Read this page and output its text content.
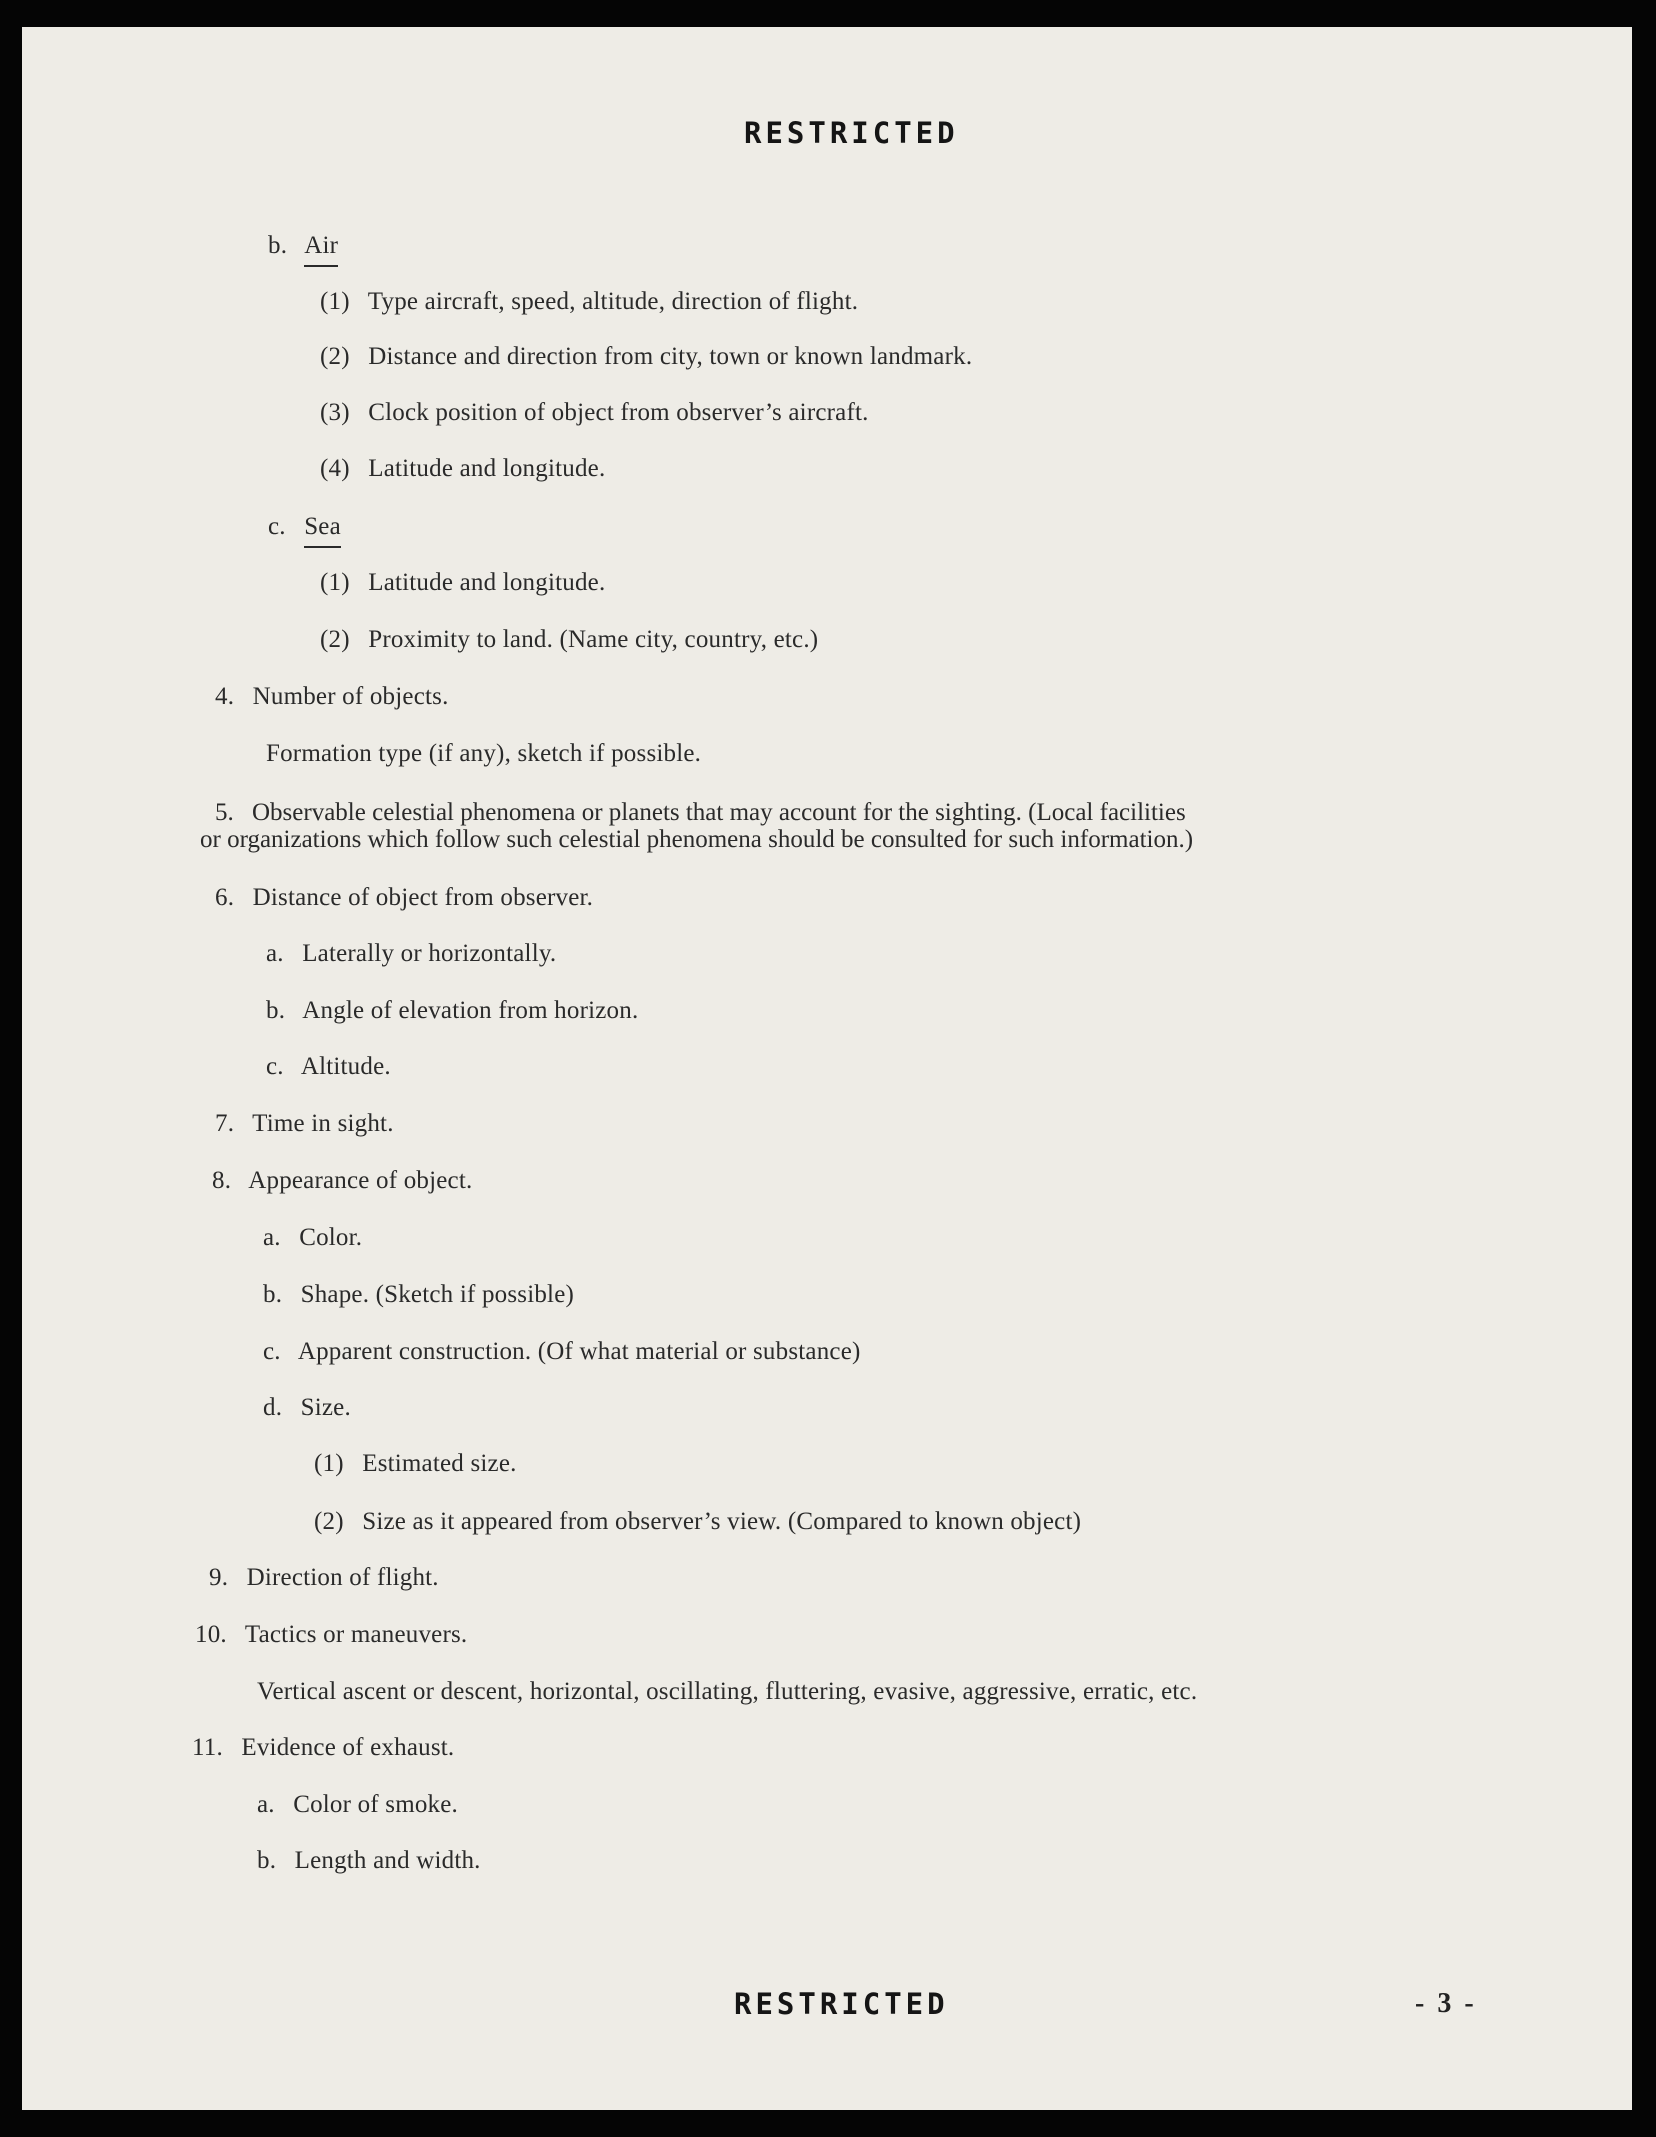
RESTRICTED
b. Air
(1) Type aircraft, speed, altitude, direction of flight.
(2) Distance and direction from city, town or known landmark.
(3) Clock position of object from observer’s aircraft.
(4) Latitude and longitude.
c. Sea
(1) Latitude and longitude.
(2) Proximity to land. (Name city, country, etc.)
4. Number of objects.
Formation type (if any), sketch if possible.
5. Observable celestial phenomena or planets that may account for the sighting. (Local facilities
or organizations which follow such celestial phenomena should be consulted for such information.)
6. Distance of object from observer.
a. Laterally or horizontally.
b. Angle of elevation from horizon.
c. Altitude.
7. Time in sight.
8. Appearance of object.
a. Color.
b. Shape. (Sketch if possible)
c. Apparent construction. (Of what material or substance)
d. Size.
(1) Estimated size.
(2) Size as it appeared from observer’s view. (Compared to known object)
9. Direction of flight.
10. Tactics or maneuvers.
Vertical ascent or descent, horizontal, oscillating, fluttering, evasive, aggressive, erratic, etc.
11. Evidence of exhaust.
a. Color of smoke.
b. Length and width.
RESTRICTED	- 3 -
